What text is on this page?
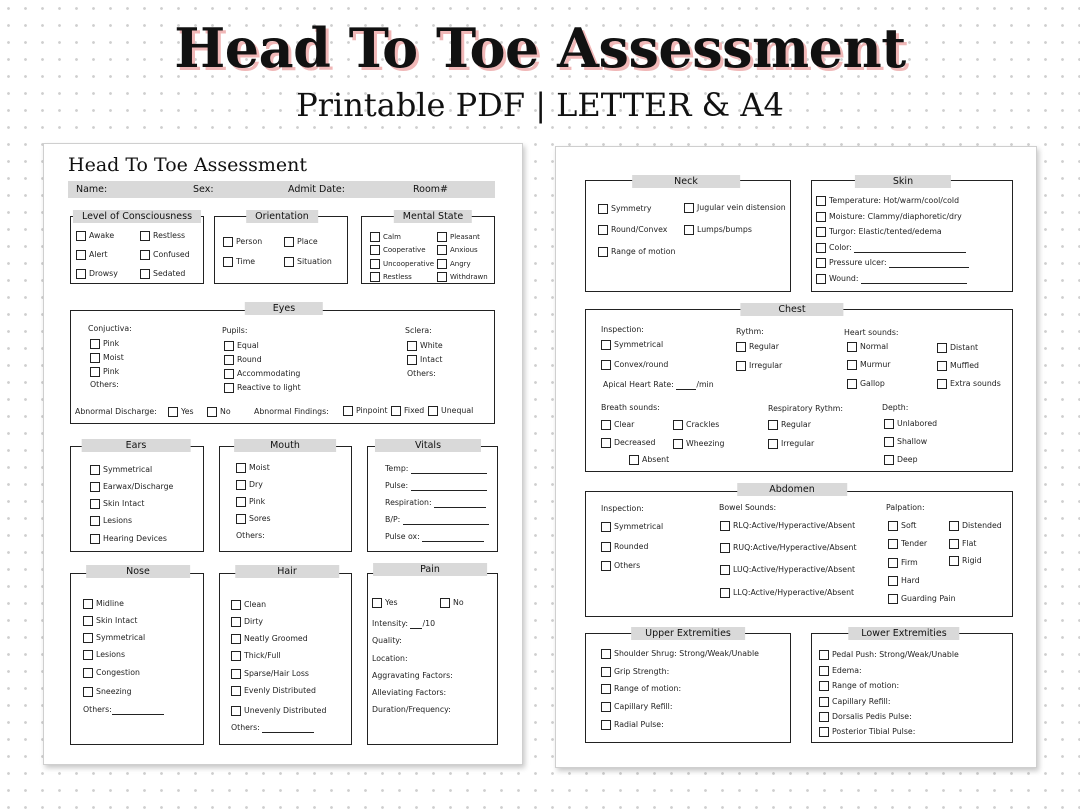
Head To Toe Assessment
Printable PDF | LETTER & A4
Head To Toe Assessment
Name:	Sex:	Admit Date:	Room#
Level of Consciousness
Awake	Restless
Alert	Confused
Drowsy	Sedated
Orientation
Person	Place
Time	Situation
Mental State
Calm	Pleasant
Cooperative	Anxious
Uncooperative	Angry
Restless	Withdrawn
Eyes
Conjuctiva:
Pink
Moist
Pink
Others:
Pupils:
Equal
Round
Accommodating
Reactive to light
Sclera:
White
Intact
Others:
Abnormal Discharge:	Yes	No	Abnormal Findings:	Pinpoint	Fixed	Unequal
Ears
Symmetrical
Earwax/Discharge
Skin Intact
Lesions
Hearing Devices
Mouth
Moist
Dry
Pink
Sores
Others:
Vitals
Temp:
Pulse:
Respiration:
B/P:
Pulse ox:
Nose
Midline
Skin Intact
Symmetrical
Lesions
Congestion
Sneezing
Others:
Hair
Clean
Dirty
Neatly Groomed
Thick/Full
Sparse/Hair Loss
Evenly Distributed
Unevenly Distributed
Others:
Pain
Yes	No
Intensity: /10
Quality:
Location:
Aggravating Factors:
Alleviating Factors:
Duration/Frequency:
Neck
Symmetry	Jugular vein distension
Round/Convex	Lumps/bumps
Range of motion
Skin
Temperature: Hot/warm/cool/cold
Moisture: Clammy/diaphoretic/dry
Turgor: Elastic/tented/edema
Color:
Pressure ulcer:
Wound:
Chest
Inspection:
Symmetrical
Convex/round
Rythm:
Regular
Irregular
Heart sounds:
Normal	Distant
Murmur	Muffled
Gallop	Extra sounds
Apical Heart Rate:	/min
Breath sounds:
Clear	Crackles
Decreased	Wheezing
Absent
Respiratory Rythm:
Regular
Irregular
Depth:
Unlabored
Shallow
Deep
Abdomen
Inspection:
Symmetrical
Rounded
Others
Bowel Sounds:
RLQ:Active/Hyperactive/Absent
RUQ:Active/Hyperactive/Absent
LUQ:Active/Hyperactive/Absent
LLQ:Active/Hyperactive/Absent
Palpation:
Soft	Distended
Tender	Flat
Firm	Rigid
Hard
Guarding Pain
Upper Extremities
Shoulder Shrug: Strong/Weak/Unable
Grip Strength:
Range of motion:
Capillary Refill:
Radial Pulse:
Lower Extremities
Pedal Push: Strong/Weak/Unable
Edema:
Range of motion:
Capillary Refill:
Dorsalis Pedis Pulse:
Posterior Tibial Pulse:
